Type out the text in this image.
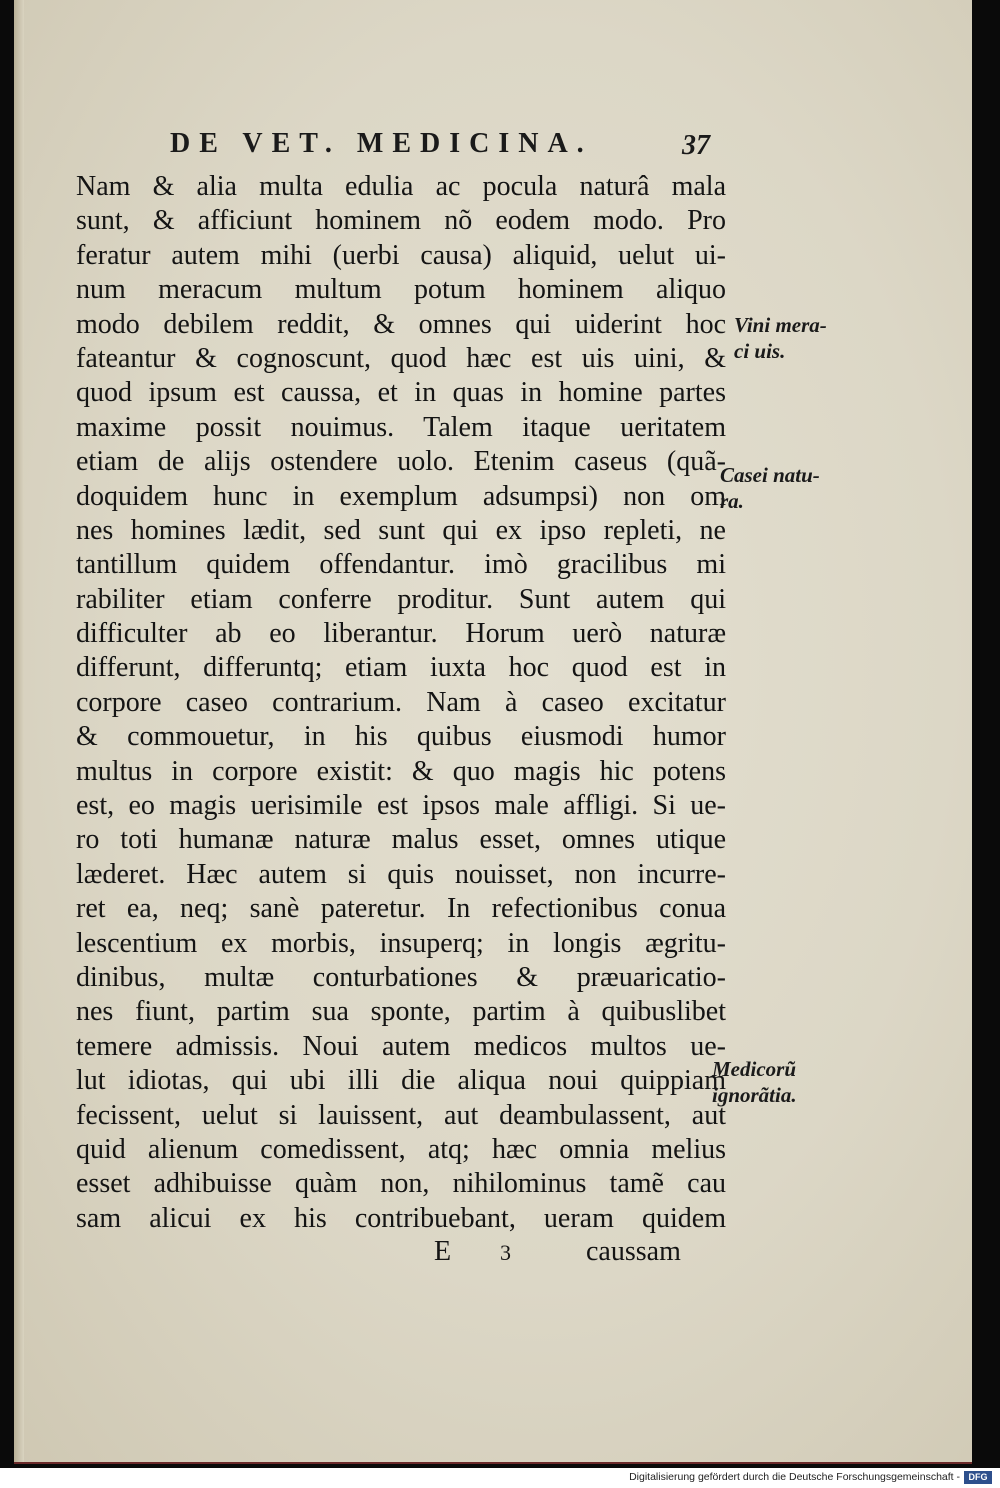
DE VET. MEDICINA.	37
Nam & alia multa edulia ac pocula naturâ mala
sunt, & afficiunt hominem nõ eodem modo. Pro
feratur autem mihi (uerbi causa) aliquid, uelut ui-
num meracum multum potum hominem aliquo
modo debilem reddit, & omnes qui uiderint hoc
fateantur & cognoscunt, quod hæc est uis uini, &
quod ipsum est caussa, et in quas in homine partes
maxime possit nouimus. Talem itaque ueritatem
etiam de alijs ostendere uolo. Etenim caseus (quã-
doquidem hunc in exemplum adsumpsi) non om
nes homines lædit, sed sunt qui ex ipso repleti, ne
tantillum quidem offendantur. imò gracilibus mi
rabiliter etiam conferre proditur. Sunt autem qui
difficulter ab eo liberantur. Horum uerò naturæ
differunt, differuntq; etiam iuxta hoc quod est in
corpore caseo contrarium. Nam à caseo excitatur
& commouetur, in his quibus eiusmodi humor
multus in corpore existit: & quo magis hic potens
est, eo magis uerisimile est ipsos male affligi. Si ue-
ro toti humanæ naturæ malus esset, omnes utique
læderet. Hæc autem si quis nouisset, non incurre-
ret ea, neq; sanè pateretur. In refectionibus conua
lescentium ex morbis, insuperq; in longis ægritu-
dinibus, multæ conturbationes & præuaricatio-
nes fiunt, partim sua sponte, partim à quibuslibet
temere admissis. Noui autem medicos multos ue-
lut idiotas, qui ubi illi die aliqua noui quippiam
fecissent, uelut si lauissent, aut deambulassent, aut
quid alienum comedissent, atq; hæc omnia melius
esset adhibuisse quàm non, nihilominus tamẽ cau
sam alicui ex his contribuebant, ueram quidem
E 3	caussam
Vini mera-
ci uis.
Casei natu-
ra.
Medicorũ
ignorãtia.
Digitalisierung gefördert durch die Deutsche Forschungsgemeinschaft - DFG
